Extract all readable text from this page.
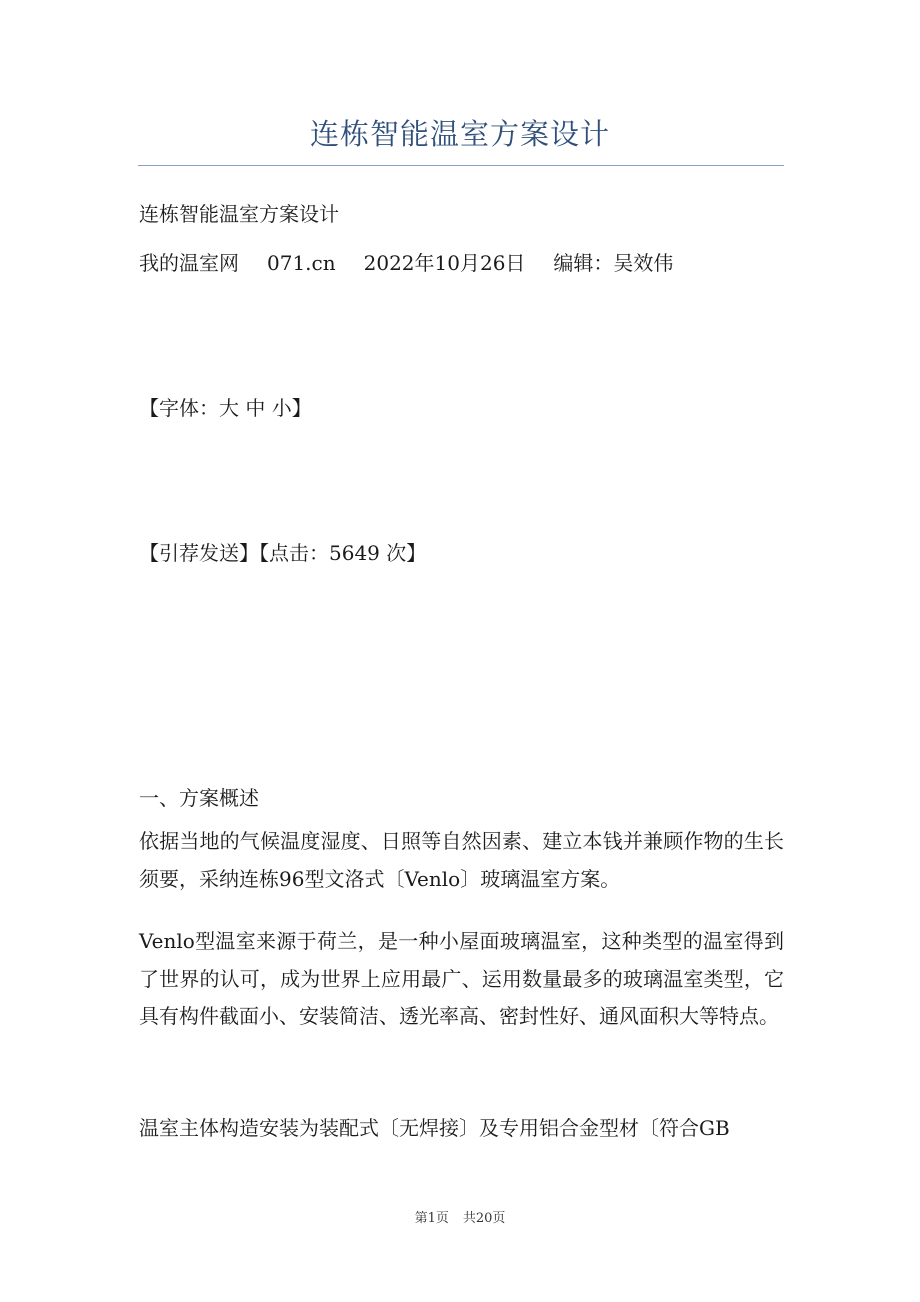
连栋智能温室方案设计
连栋智能温室方案设计
我的温室网 071.cn 2022年10月26日 编辑：吴效伟
【字体：大 中 小】
【引荐发送】【点击：5649 次】
一、方案概述
依据当地的气候温度湿度、日照等自然因素、建立本钱并兼顾作物的生长须要，采纳连栋96型文洛式〔Venlo〕玻璃温室方案。
Venlo型温室来源于荷兰，是一种小屋面玻璃温室，这种类型的温室得到了世界的认可，成为世界上应用最广、运用数量最多的玻璃温室类型，它具有构件截面小、安装简洁、透光率高、密封性好、通风面积大等特点。
温室主体构造安装为装配式〔无焊接〕及专用铝合金型材〔符合GB
第1页 共20页
